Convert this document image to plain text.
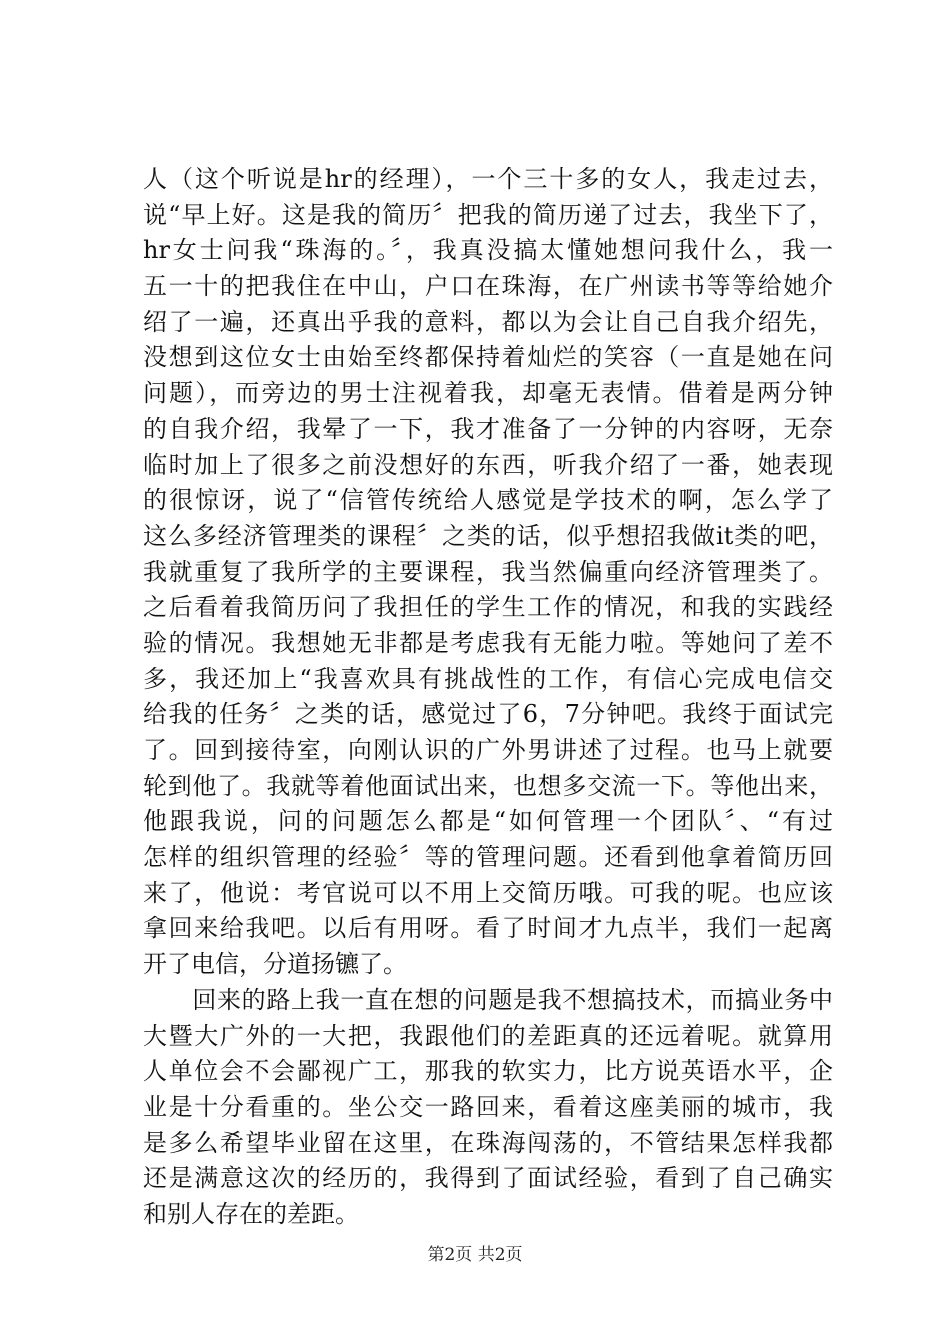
人（这个听说是hr的经理），一个三十多的女人，我走过去，
说“早上好。这是我的简历〞把我的简历递了过去，我坐下了，
hr女士问我“珠海的。〞，我真没搞太懂她想问我什么，我一
五一十的把我住在中山，户口在珠海，在广州读书等等给她介
绍了一遍，还真出乎我的意料，都以为会让自己自我介绍先，
没想到这位女士由始至终都保持着灿烂的笑容（一直是她在问
问题），而旁边的男士注视着我，却毫无表情。借着是两分钟
的自我介绍，我晕了一下，我才准备了一分钟的内容呀，无奈
临时加上了很多之前没想好的东西，听我介绍了一番，她表现
的很惊讶，说了“信管传统给人感觉是学技术的啊，怎么学了
这么多经济管理类的课程〞之类的话，似乎想招我做it类的吧，
我就重复了我所学的主要课程，我当然偏重向经济管理类了。
之后看着我简历问了我担任的学生工作的情况，和我的实践经
验的情况。我想她无非都是考虑我有无能力啦。等她问了差不
多，我还加上“我喜欢具有挑战性的工作，有信心完成电信交
给我的任务〞之类的话，感觉过了6，7分钟吧。我终于面试完
了。回到接待室，向刚认识的广外男讲述了过程。也马上就要
轮到他了。我就等着他面试出来，也想多交流一下。等他出来，
他跟我说，问的问题怎么都是“如何管理一个团队〞、“有过
怎样的组织管理的经验〞等的管理问题。还看到他拿着简历回
来了，他说：考官说可以不用上交简历哦。可我的呢。也应该
拿回来给我吧。以后有用呀。看了时间才九点半，我们一起离
开了电信，分道扬镳了。
　　回来的路上我一直在想的问题是我不想搞技术，而搞业务中
大暨大广外的一大把，我跟他们的差距真的还远着呢。就算用
人单位会不会鄙视广工，那我的软实力，比方说英语水平，企
业是十分看重的。坐公交一路回来，看着这座美丽的城市，我
是多么希望毕业留在这里，在珠海闯荡的，不管结果怎样我都
还是满意这次的经历的，我得到了面试经验，看到了自己确实
和别人存在的差距。
第2页 共2页
